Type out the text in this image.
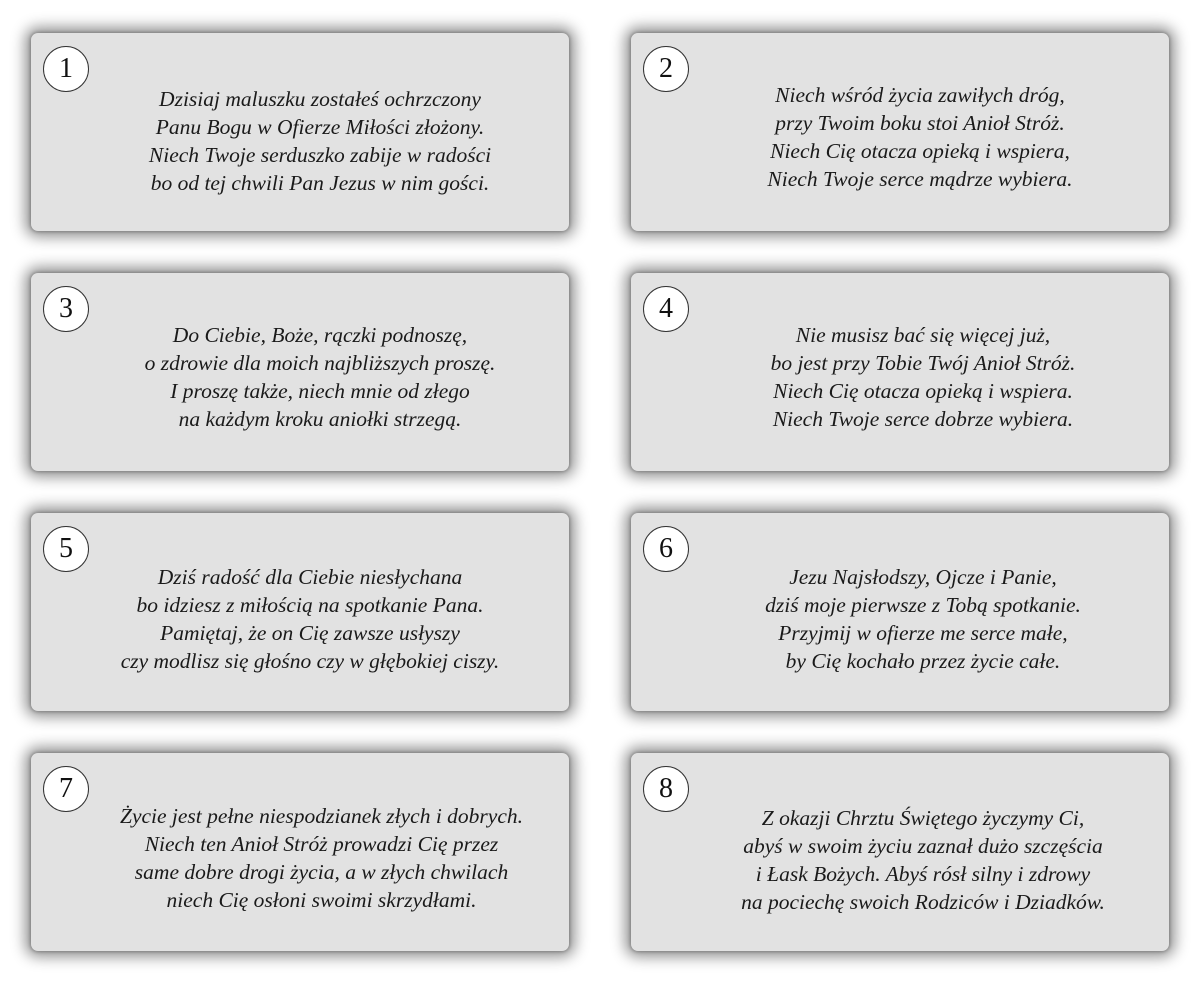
1
Dzisiaj maluszku zostałeś ochrzczony
Panu Bogu w Ofierze Miłości złożony.
Niech Twoje serduszko zabije w radości
bo od tej chwili Pan Jezus w nim gości.
2
Niech wśród życia zawiłych dróg,
przy Twoim boku stoi Anioł Stróż.
Niech Cię otacza opieką i wspiera,
Niech Twoje serce mądrze wybiera.
3
Do Ciebie, Boże, rączki podnoszę,
o zdrowie dla moich najbliższych proszę.
I proszę także, niech mnie od złego
na każdym kroku aniołki strzegą.
4
Nie musisz bać się więcej już,
bo jest przy Tobie Twój Anioł Stróż.
Niech Cię otacza opieką i wspiera.
Niech Twoje serce dobrze wybiera.
5
Dziś radość dla Ciebie niesłychana
bo idziesz z miłością na spotkanie Pana.
Pamiętaj, że on Cię zawsze usłyszy
czy modlisz się głośno czy w głębokiej ciszy.
6
Jezu Najsłodszy, Ojcze i Panie,
dziś moje pierwsze z Tobą spotkanie.
Przyjmij w ofierze me serce małe,
by Cię kochało przez życie całe.
7
Życie jest pełne niespodzianek złych i dobrych.
Niech ten Anioł Stróż prowadzi Cię przez
same dobre drogi życia, a w złych chwilach
niech Cię osłoni swoimi skrzydłami.
8
Z okazji Chrztu Świętego życzymy Ci,
abyś w swoim życiu zaznał dużo szczęścia
i Łask Bożych. Abyś rósł silny i zdrowy
na pociechę swoich Rodziców i Dziadków.
